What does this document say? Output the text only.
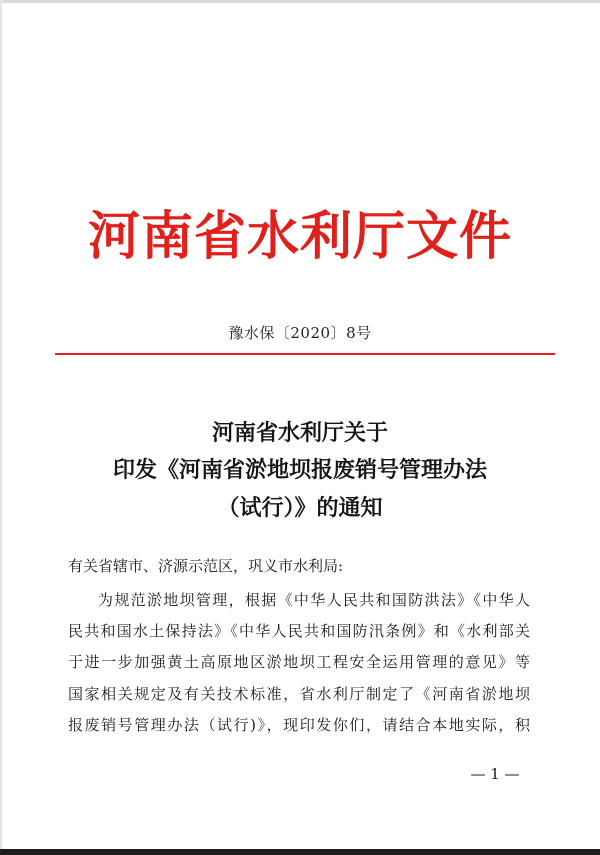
河南省水利厅文件
豫水保〔2020〕8号
河南省水利厅关于
印发《河南省淤地坝报废销号管理办法
（试行）》的通知
有关省辖市、济源示范区，巩义市水利局:
为规范淤地坝管理，根据《中华人民共和国防洪法》《中华人
民共和国水土保持法》《中华人民共和国防汛条例》和《水利部关
于进一步加强黄土高原地区淤地坝工程安全运用管理的意见》等
国家相关规定及有关技术标准，省水利厅制定了《河南省淤地坝
报废销号管理办法（试行)》，现印发你们，请结合本地实际，积
— 1 —
